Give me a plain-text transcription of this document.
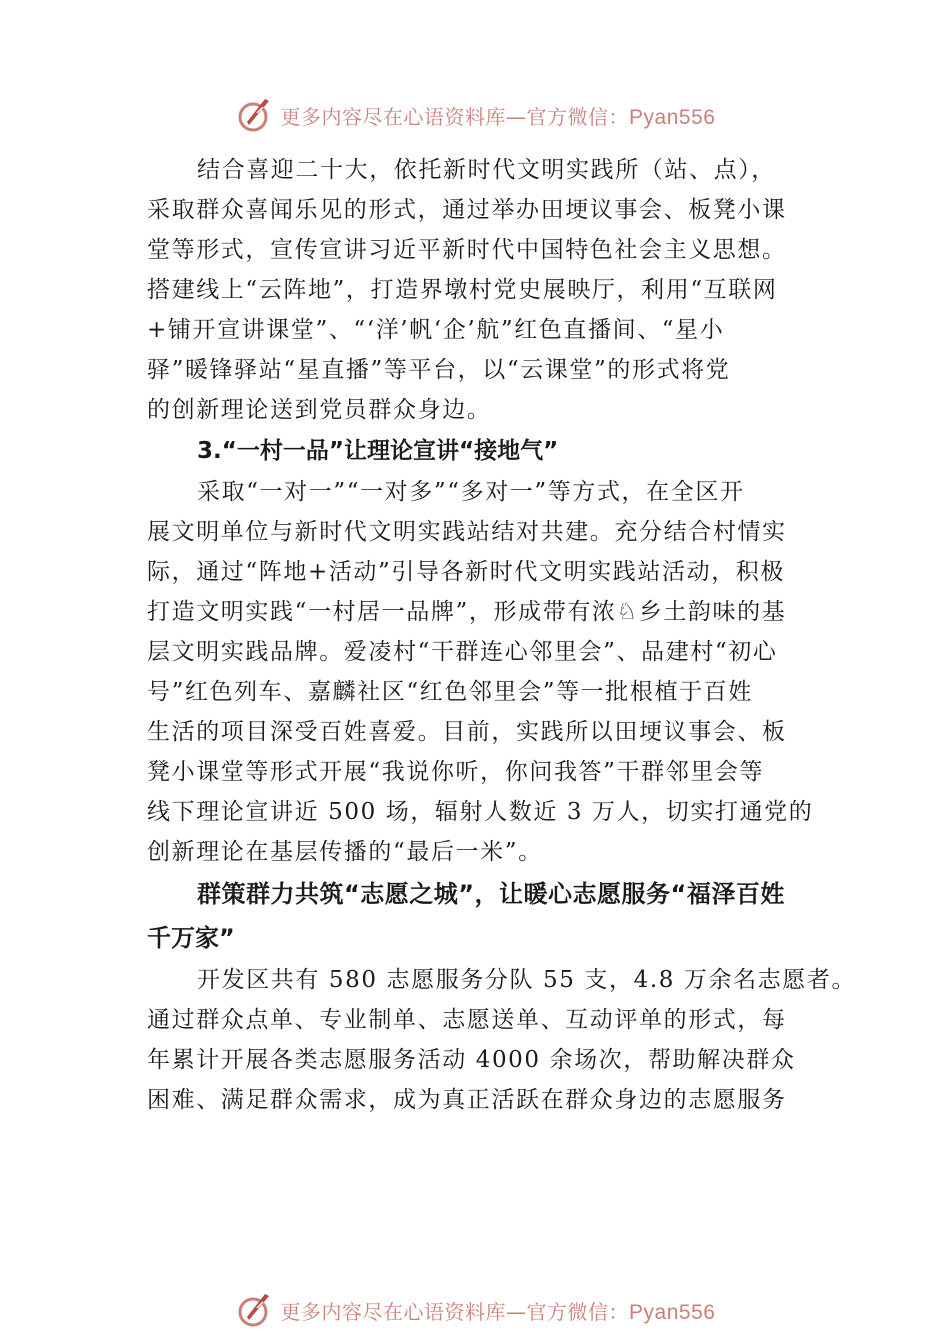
更多内容尽在心语资料库—官方微信：Pyan556
结合喜迎二十大，依托新时代文明实践所（站、点），
采取群众喜闻乐见的形式，通过举办田埂议事会、板凳小课
堂等形式，宣传宣讲习近平新时代中国特色社会主义思想。
搭建线上“云阵地”，打造界墩村党史展映厅，利用“互联网
+铺开宣讲课堂”、“‘洋’帆‘企’航”红色直播间、“星小
驿”暖锋驿站“星直播”等平台，以“云课堂”的形式将党
的创新理论送到党员群众身边。
3.“一村一品”让理论宣讲“接地气”
采取“一对一”“一对多”“多对一”等方式，在全区开
展文明单位与新时代文明实践站结对共建。充分结合村情实
际，通过“阵地+活动”引导各新时代文明实践站活动，积极
打造文明实践“一村居一品牌”，形成带有浓♘乡土韵味的基
层文明实践品牌。爱凌村“干群连心邻里会”、品建村“初心
号”红色列车、嘉麟社区“红色邻里会”等一批根植于百姓
生活的项目深受百姓喜爱。目前，实践所以田埂议事会、板
凳小课堂等形式开展“我说你听，你问我答”干群邻里会等
线下理论宣讲近 500 场，辐射人数近 3 万人，切实打通党的
创新理论在基层传播的“最后一米”。
群策群力共筑“志愿之城”，让暖心志愿服务“福泽百姓
千万家”
开发区共有 580 志愿服务分队 55 支，4.8 万余名志愿者。
通过群众点单、专业制单、志愿送单、互动评单的形式，每
年累计开展各类志愿服务活动 4000 余场次，帮助解决群众
困难、满足群众需求，成为真正活跃在群众身边的志愿服务
更多内容尽在心语资料库—官方微信：Pyan556
